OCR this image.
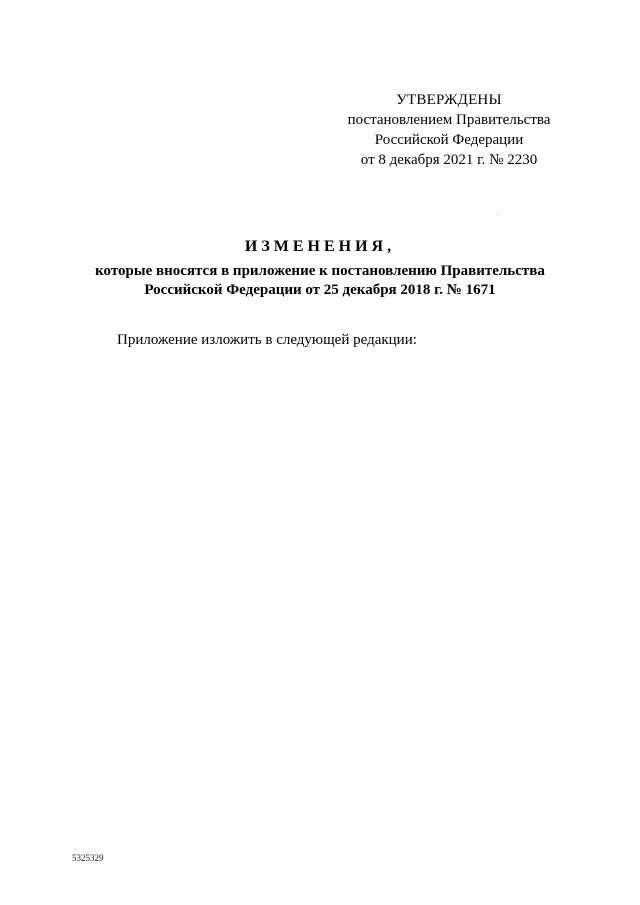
УТВЕРЖДЕНЫ
постановлением Правительства
Российской Федерации
от 8 декабря 2021 г. № 2230
ИЗМЕНЕНИЯ,
которые вносятся в приложение к постановлению Правительства
Российской Федерации от 25 декабря 2018 г. № 1671
Приложение изложить в следующей редакции:
5325329
